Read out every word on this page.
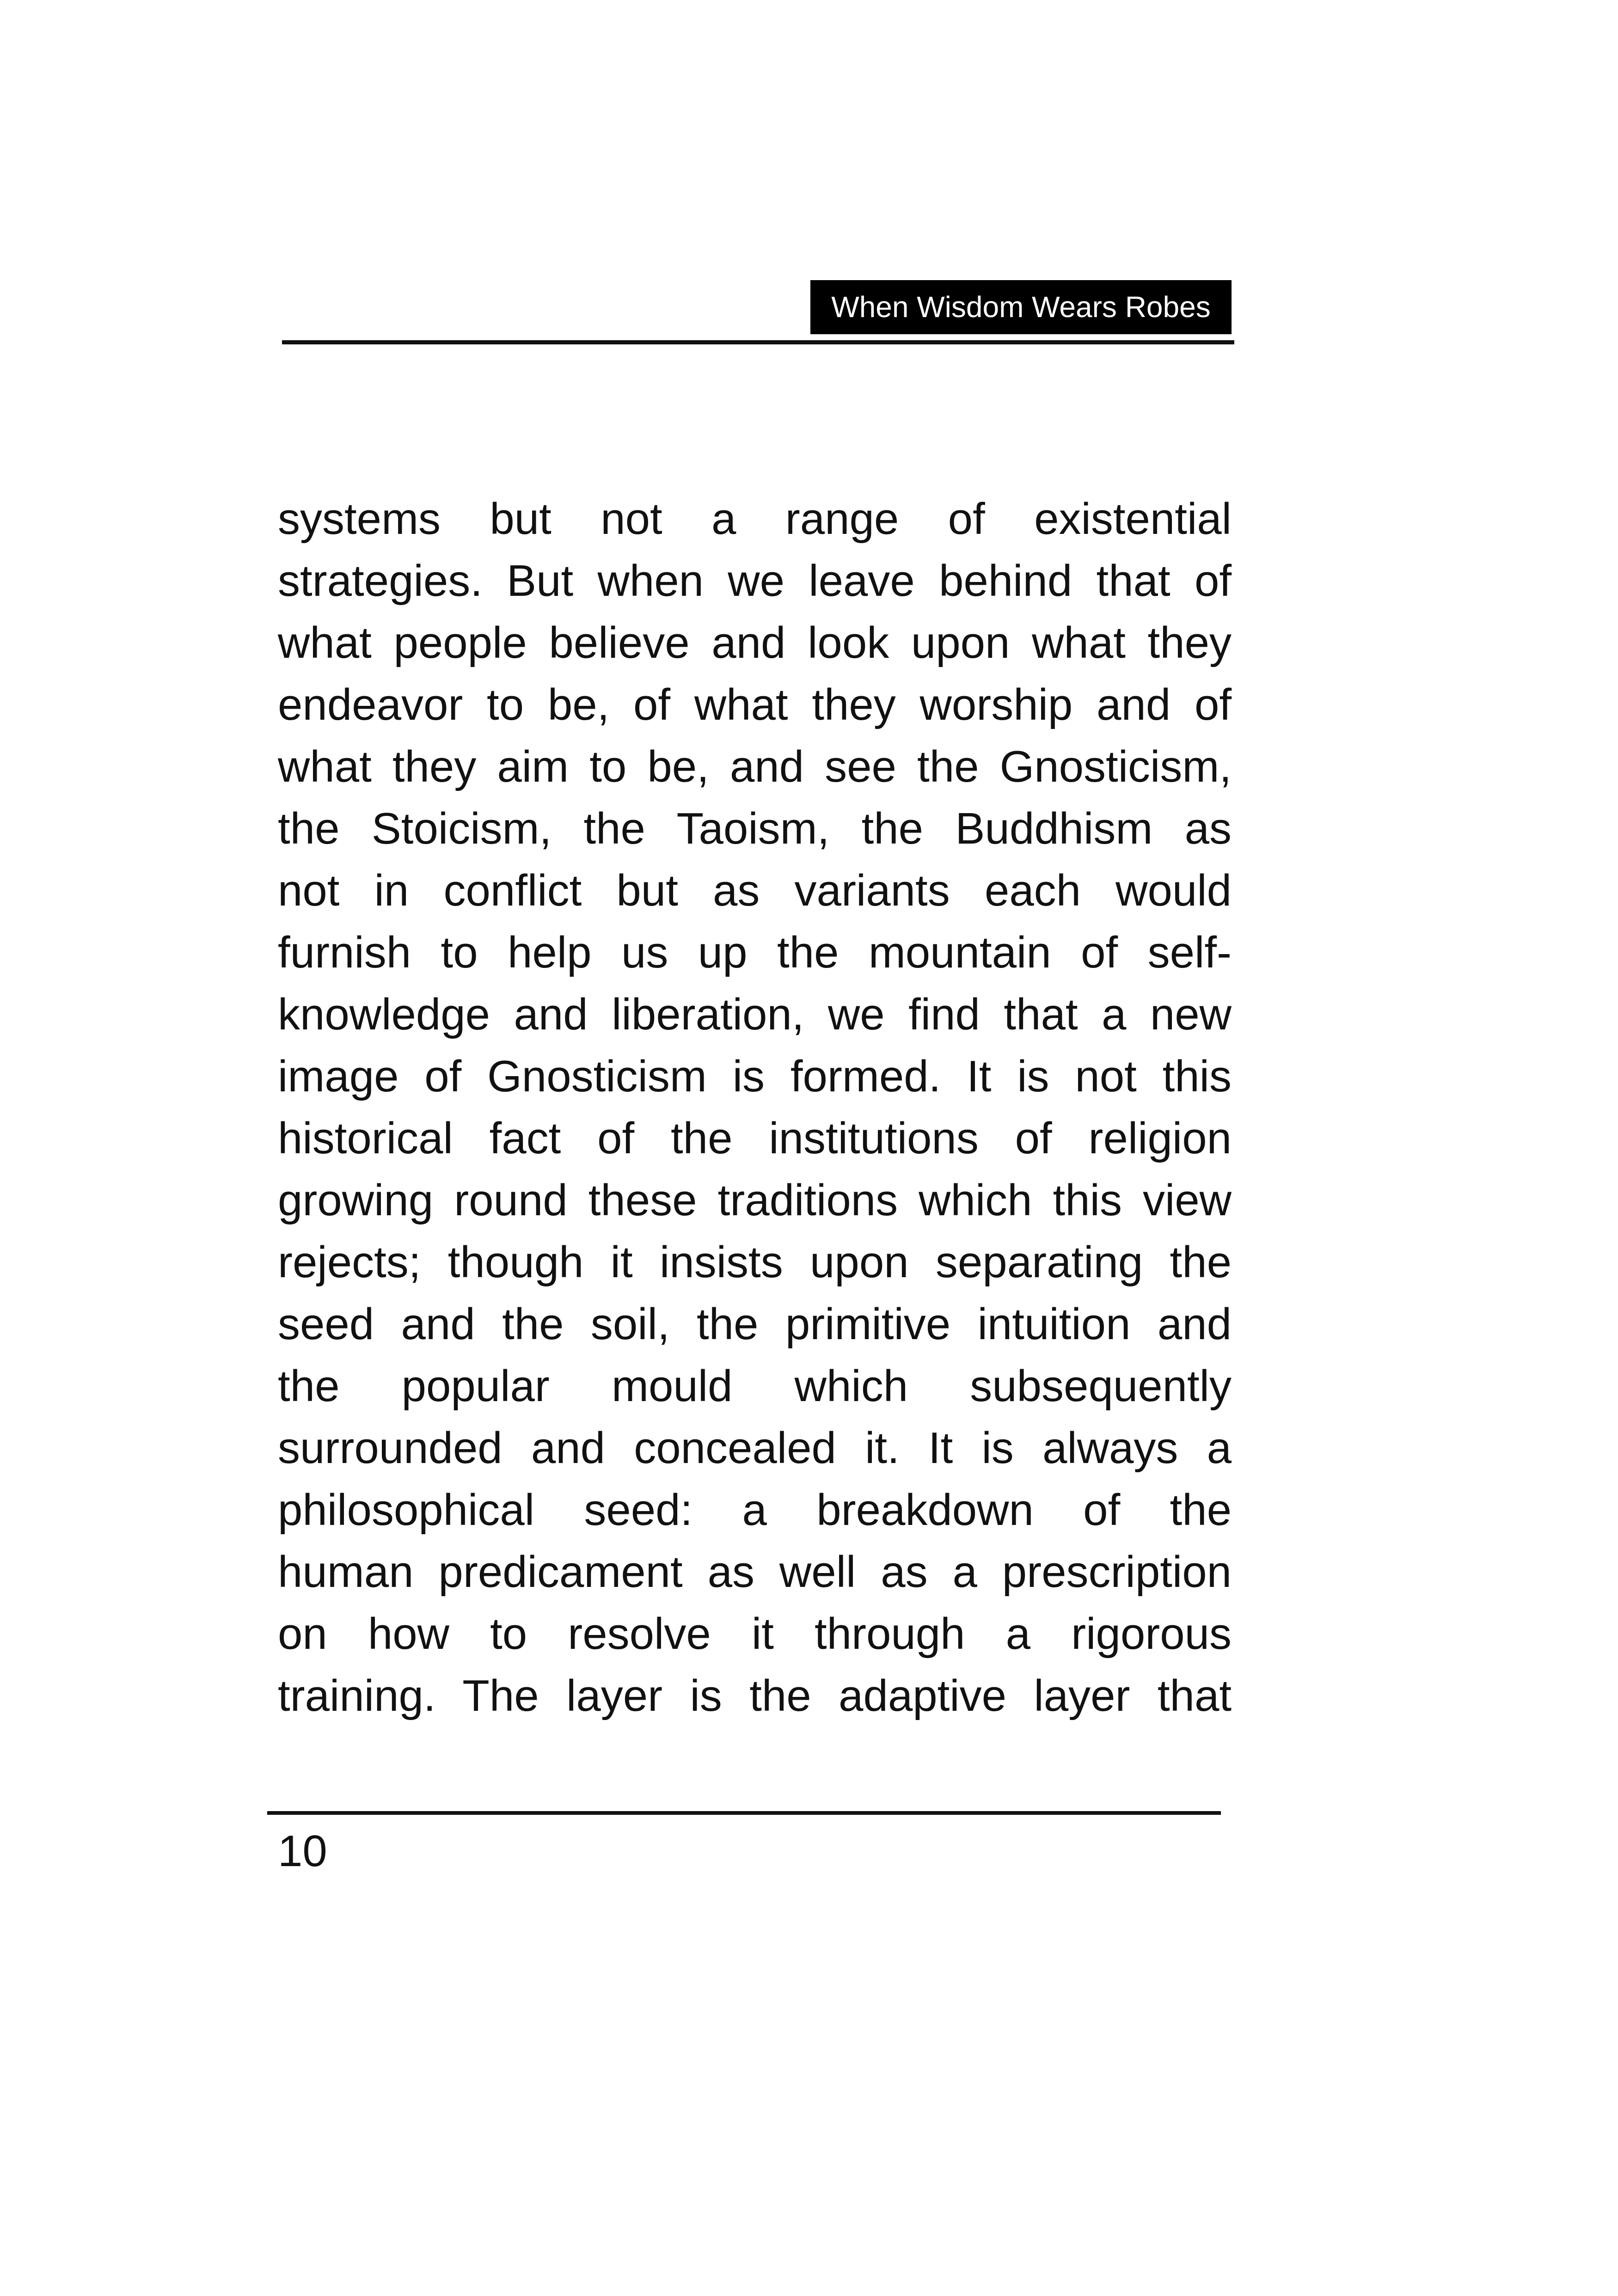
When Wisdom Wears Robes
systems but not a range of existential
strategies. But when we leave behind that of
what people believe and look upon what they
endeavor to be, of what they worship and of
what they aim to be, and see the Gnosticism,
the Stoicism, the Taoism, the Buddhism as
not in conflict but as variants each would
furnish to help us up the mountain of self-
knowledge and liberation, we find that a new
image of Gnosticism is formed. It is not this
historical fact of the institutions of religion
growing round these traditions which this view
rejects; though it insists upon separating the
seed and the soil, the primitive intuition and
the popular mould which subsequently
surrounded and concealed it. It is always a
philosophical seed: a breakdown of the
human predicament as well as a prescription
on how to resolve it through a rigorous
training. The layer is the adaptive layer that
10
